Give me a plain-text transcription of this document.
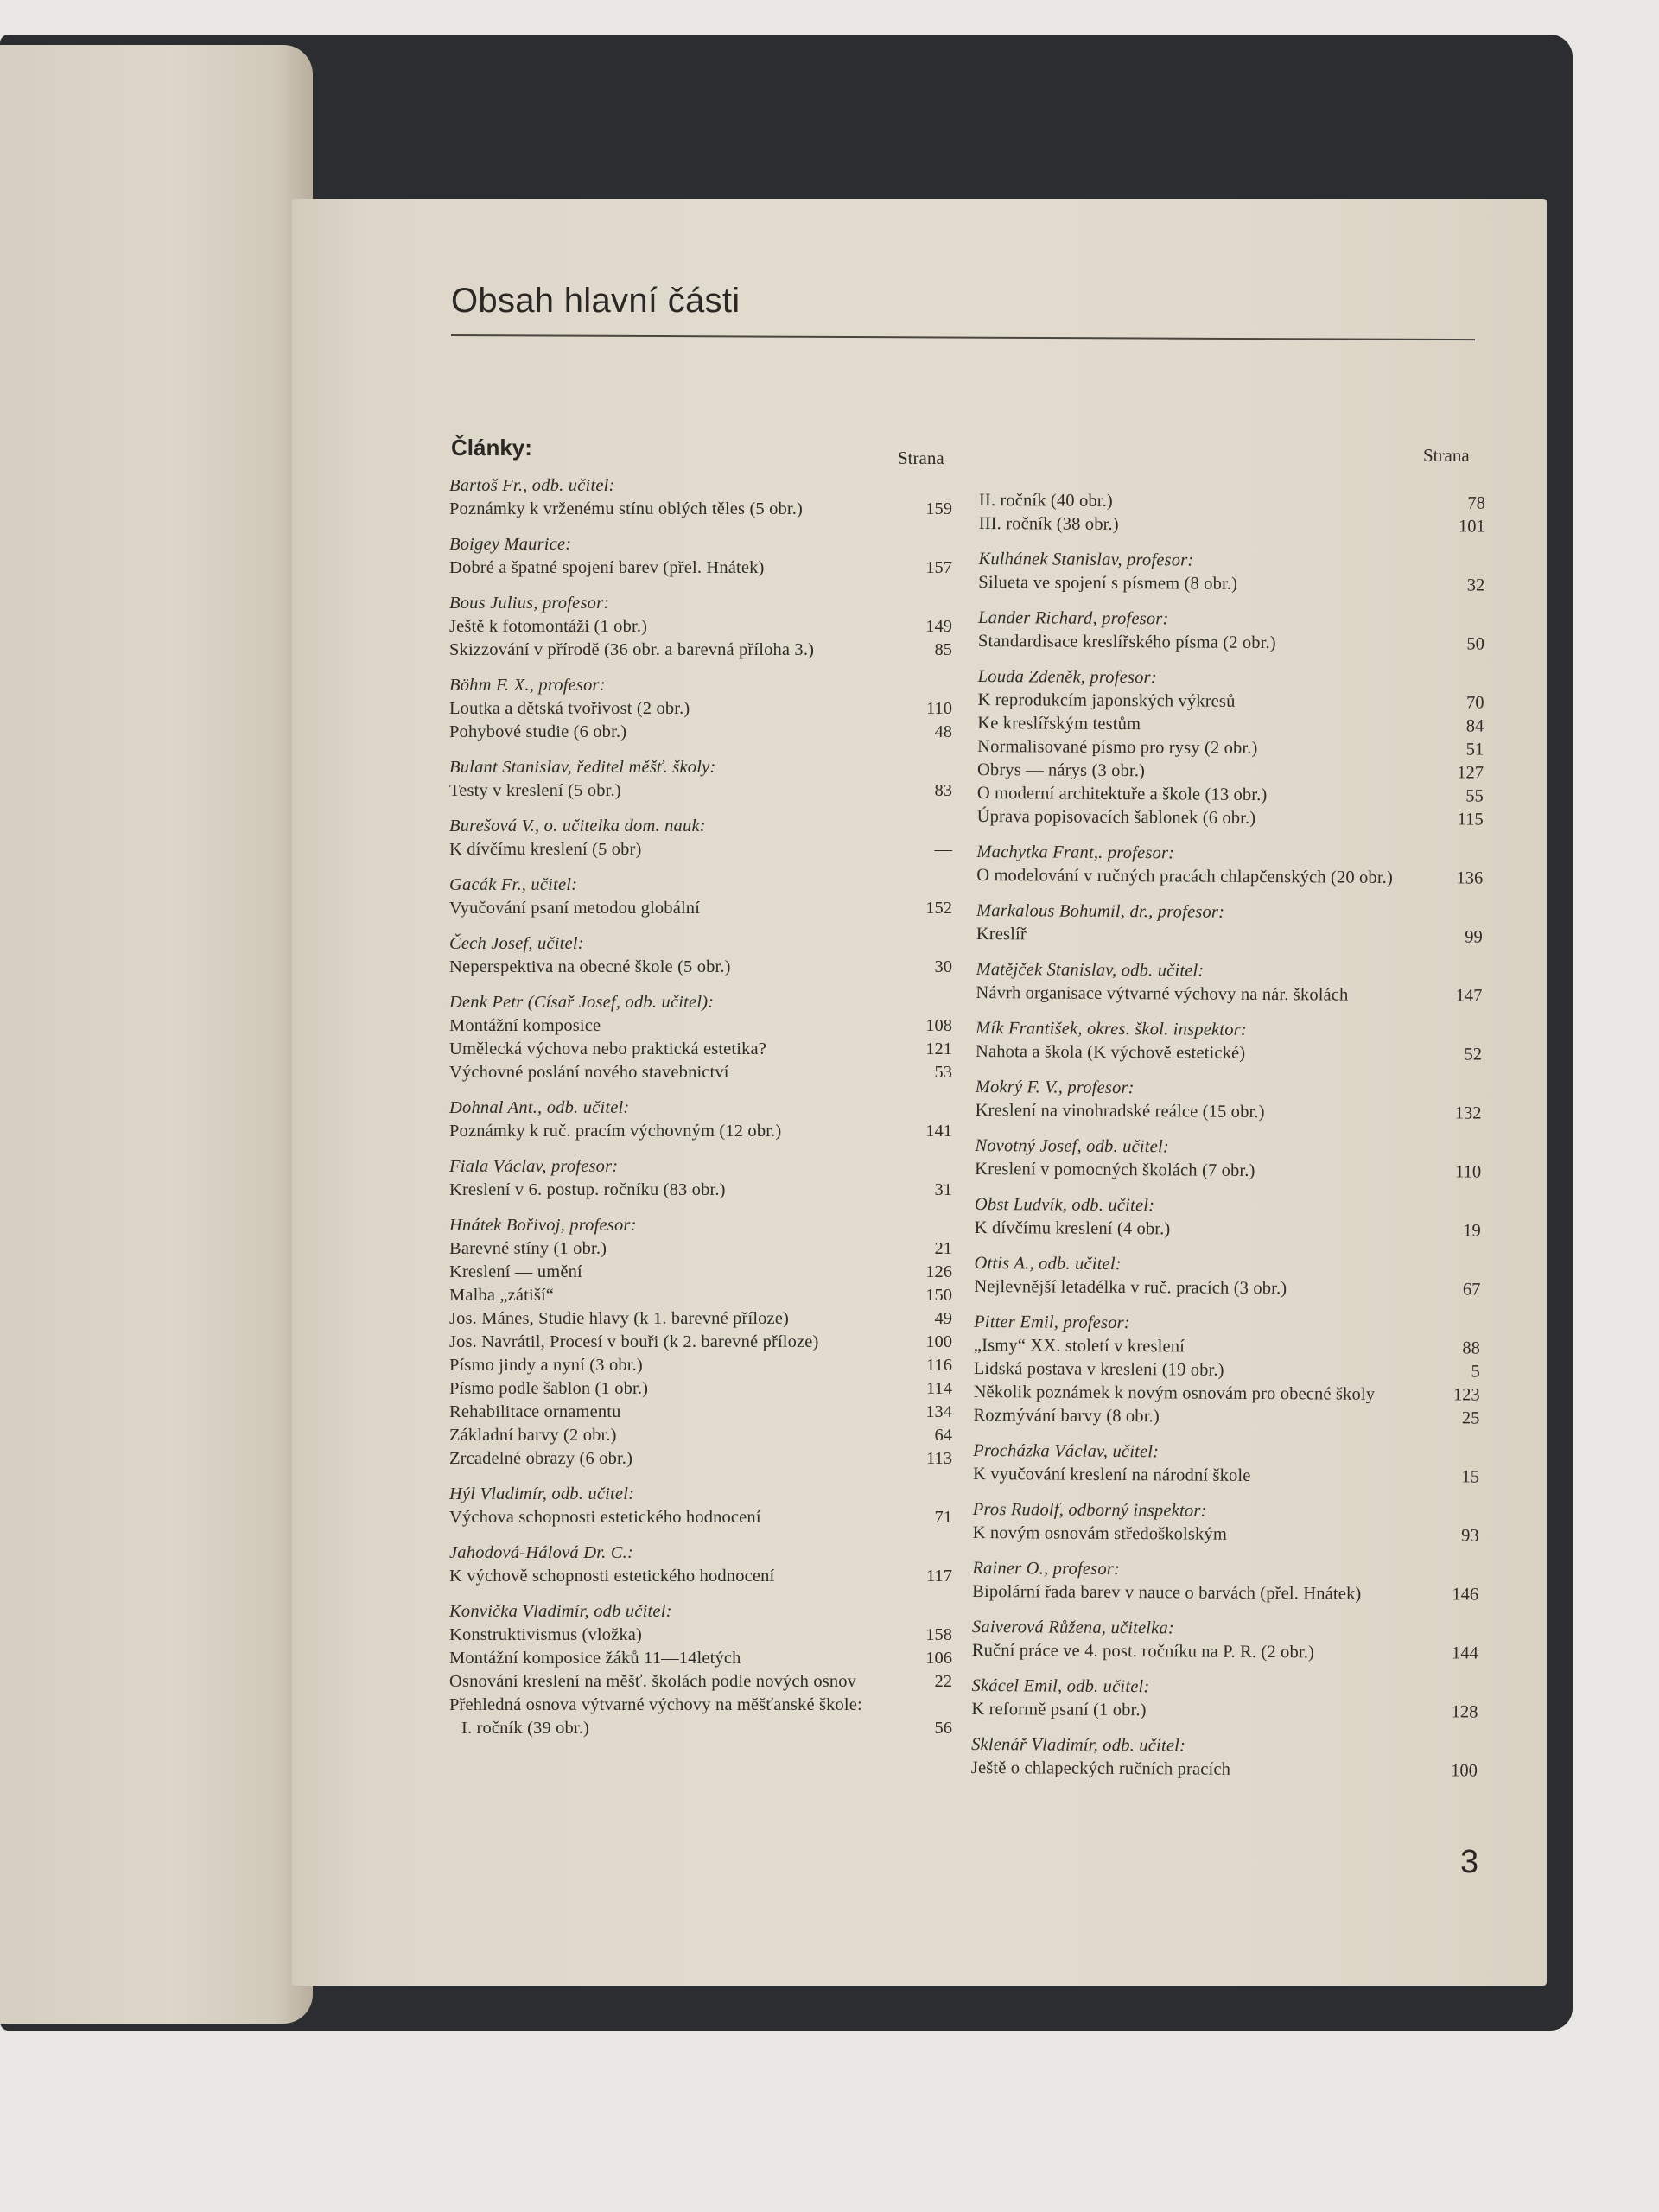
Obsah hlavní části
Články:	Strana	Strana
Bartoš Fr., odb. učitel:
Poznámky k vrženému stínu oblých těles (5 obr.)	159
Boigey Maurice:
Dobré a špatné spojení barev (přel. Hnátek)	157
Bous Julius, profesor:
Ještě k fotomontáži (1 obr.)	149
Skizzování v přírodě (36 obr. a barevná příloha 3.)	85
Böhm F. X., profesor:
Loutka a dětská tvořivost (2 obr.)	110
Pohybové studie (6 obr.)	48
Bulant Stanislav, ředitel měšť. školy:
Testy v kreslení (5 obr.)	83
Burešová V., o. učitelka dom. nauk:
K dívčímu kreslení (5 obr)	—
Gacák Fr., učitel:
Vyučování psaní metodou globální	152
Čech Josef, učitel:
Neperspektiva na obecné škole (5 obr.)	30
Denk Petr (Císař Josef, odb. učitel):
Montážní komposice	108
Umělecká výchova nebo praktická estetika?	121
Výchovné poslání nového stavebnictví	53
Dohnal Ant., odb. učitel:
Poznámky k ruč. pracím výchovným (12 obr.)	141
Fiala Václav, profesor:
Kreslení v 6. postup. ročníku (83 obr.)	31
Hnátek Bořivoj, profesor:
Barevné stíny (1 obr.)	21
Kreslení — umění	126
Malba „zátiší“	150
Jos. Mánes, Studie hlavy (k 1. barevné příloze)	49
Jos. Navrátil, Procesí v bouři (k 2. barevné příloze)	100
Písmo jindy a nyní (3 obr.)	116
Písmo podle šablon (1 obr.)	114
Rehabilitace ornamentu	134
Základní barvy (2 obr.)	64
Zrcadelné obrazy (6 obr.)	113
Hýl Vladimír, odb. učitel:
Výchova schopnosti estetického hodnocení	71
Jahodová-Hálová Dr. C.:
K výchově schopnosti estetického hodnocení	117
Konvička Vladimír, odb učitel:
Konstruktivismus (vložka)	158
Montážní komposice žáků 11—14letých	106
Osnování kreslení na měšť. školách podle nových osnov	22
Přehledná osnova výtvarné výchovy na měšťanské škole:
I. ročník (39 obr.)	56
II. ročník (40 obr.)	78
III. ročník (38 obr.)	101
Kulhánek Stanislav, profesor:
Silueta ve spojení s písmem (8 obr.)	32
Lander Richard, profesor:
Standardisace kreslířského písma (2 obr.)	50
Louda Zdeněk, profesor:
K reprodukcím japonských výkresů	70
Ke kreslířským testům	84
Normalisované písmo pro rysy (2 obr.)	51
Obrys — nárys (3 obr.)	127
O moderní architektuře a škole (13 obr.)	55
Úprava popisovacích šablonek (6 obr.)	115
Machytka Frant,. profesor:
O modelování v ručných pracách chlapčenských (20 obr.)	136
Markalous Bohumil, dr., profesor:
Kreslíř	99
Matějček Stanislav, odb. učitel:
Návrh organisace výtvarné výchovy na nár. školách	147
Mík František, okres. škol. inspektor:
Nahota a škola (K výchově estetické)	52
Mokrý F. V., profesor:
Kreslení na vinohradské reálce (15 obr.)	132
Novotný Josef, odb. učitel:
Kreslení v pomocných školách (7 obr.)	110
Obst Ludvík, odb. učitel:
K dívčímu kreslení (4 obr.)	19
Ottis A., odb. učitel:
Nejlevnější letadélka v ruč. pracích (3 obr.)	67
Pitter Emil, profesor:
„Ismy“ XX. století v kreslení	88
Lidská postava v kreslení (19 obr.)	5
Několik poznámek k novým osnovám pro obecné školy	123
Rozmývání barvy (8 obr.)	25
Procházka Václav, učitel:
K vyučování kreslení na národní škole	15
Pros Rudolf, odborný inspektor:
K novým osnovám středoškolským	93
Rainer O., profesor:
Bipolární řada barev v nauce o barvách (přel. Hnátek)	146
Saiverová Růžena, učitelka:
Ruční práce ve 4. post. ročníku na P. R. (2 obr.)	144
Skácel Emil, odb. učitel:
K reformě psaní (1 obr.)	128
Sklenář Vladimír, odb. učitel:
Ještě o chlapeckých ručních pracích	100
3
